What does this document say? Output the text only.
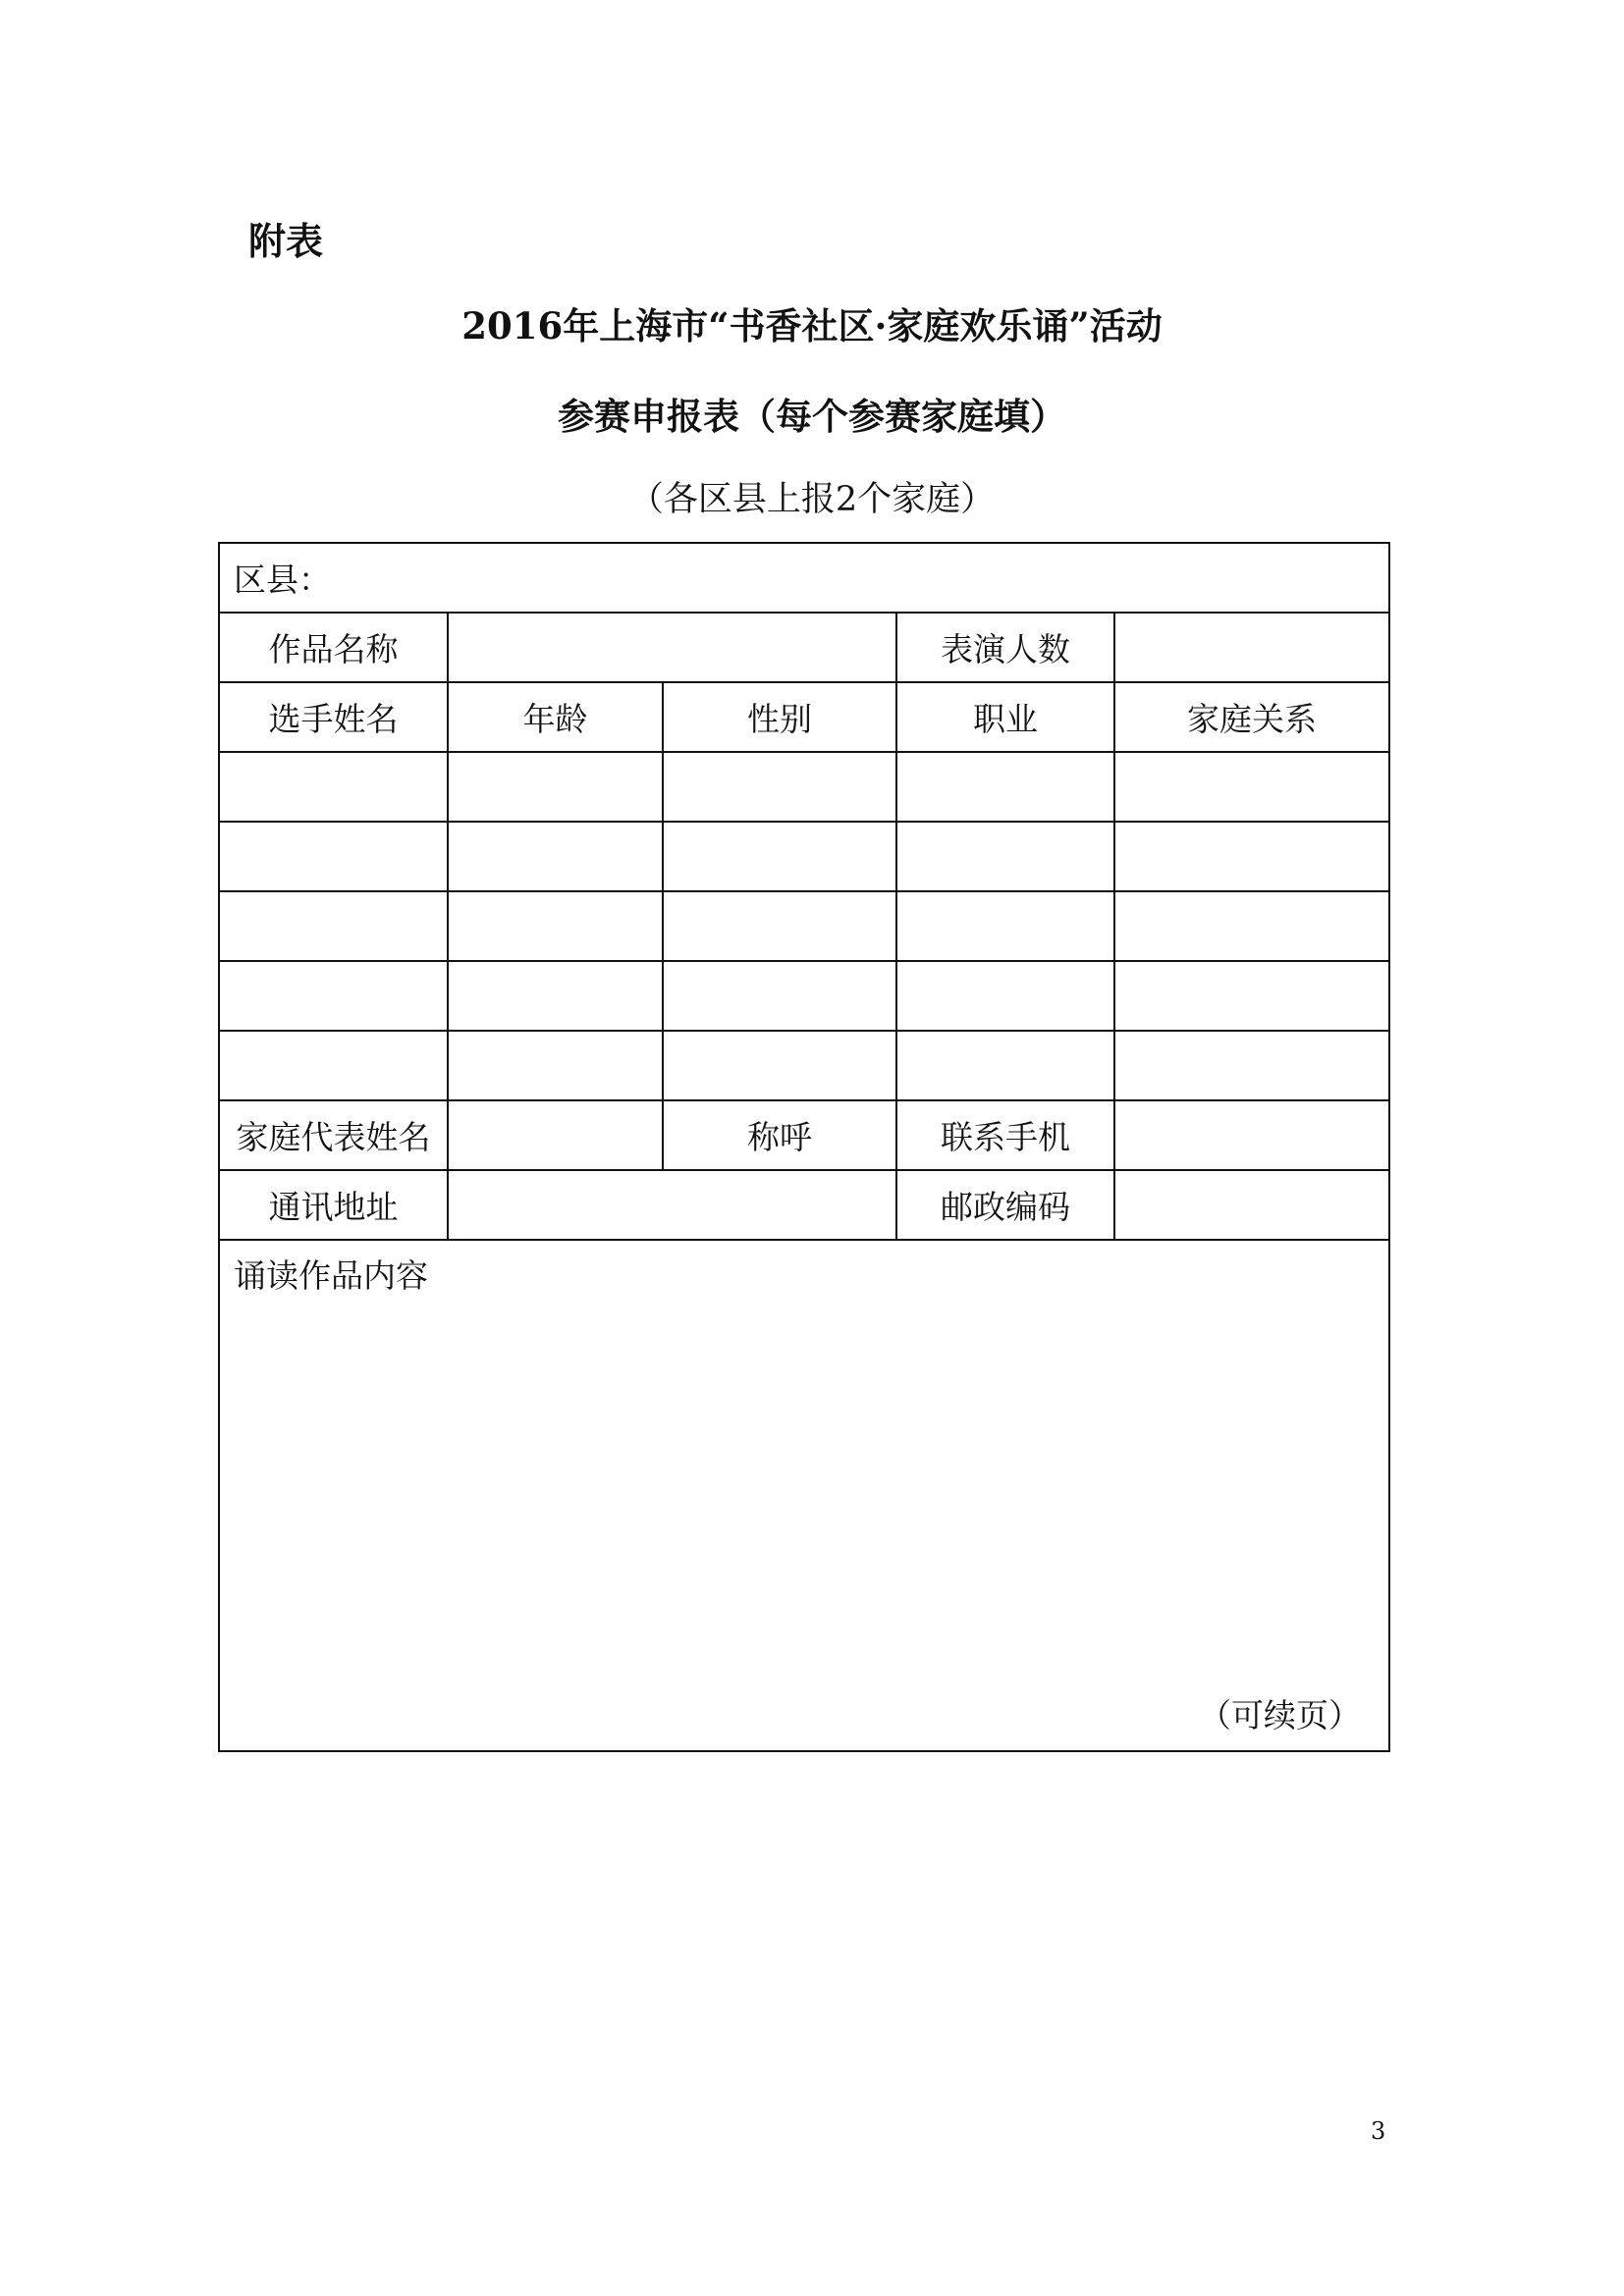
附表
2016年上海市“书香社区·家庭欢乐诵”活动
参赛申报表（每个参赛家庭填）
（各区县上报2个家庭）
区县：				
作品名称			表演人数	
选手姓名	年龄	性别	职业	家庭关系

家庭代表姓名		称呼	联系手机	
通讯地址			邮政编码	

诵读作品内容
（可续页）				
3
